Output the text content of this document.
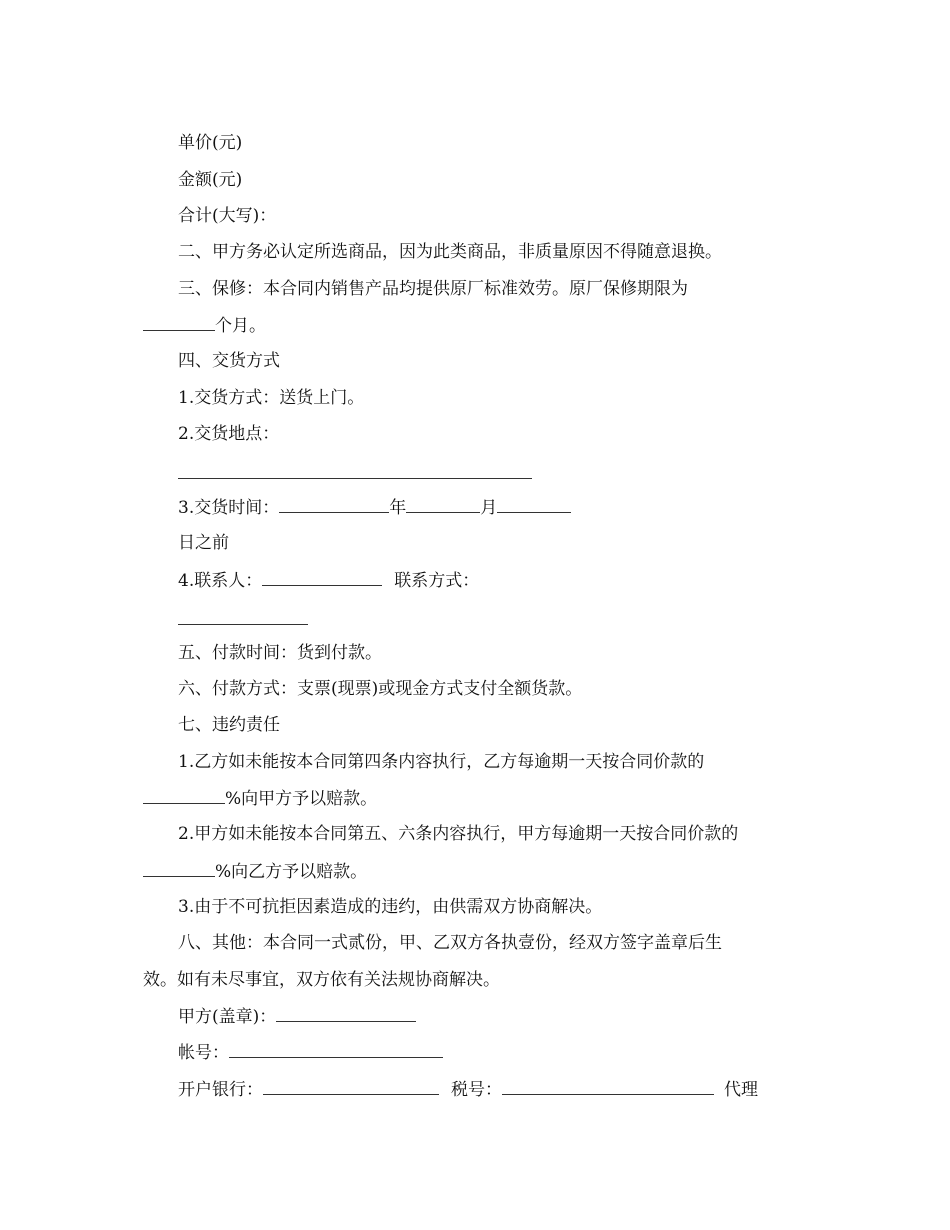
单价(元)
金额(元)
合计(大写)：
二、甲方务必认定所选商品，因为此类商品，非质量原因不得随意退换。
三、保修：本合同内销售产品均提供原厂标准效劳。原厂保修期限为
个月。
四、交货方式
1.交货方式：送货上门。
2.交货地点：
3.交货时间：	年	月
日之前
4.联系人：	联系方式：
五、付款时间：货到付款。
六、付款方式：支票(现票)或现金方式支付全额货款。
七、违约责任
1.乙方如未能按本合同第四条内容执行，乙方每逾期一天按合同价款的
%向甲方予以赔款。
2.甲方如未能按本合同第五、六条内容执行，甲方每逾期一天按合同价款的
%向乙方予以赔款。
3.由于不可抗拒因素造成的违约，由供需双方协商解决。
八、其他：本合同一式贰份，甲、乙双方各执壹份，经双方签字盖章后生
效。如有未尽事宜，双方依有关法规协商解决。
甲方(盖章)：
帐号：
开户银行：	税号：	代理
